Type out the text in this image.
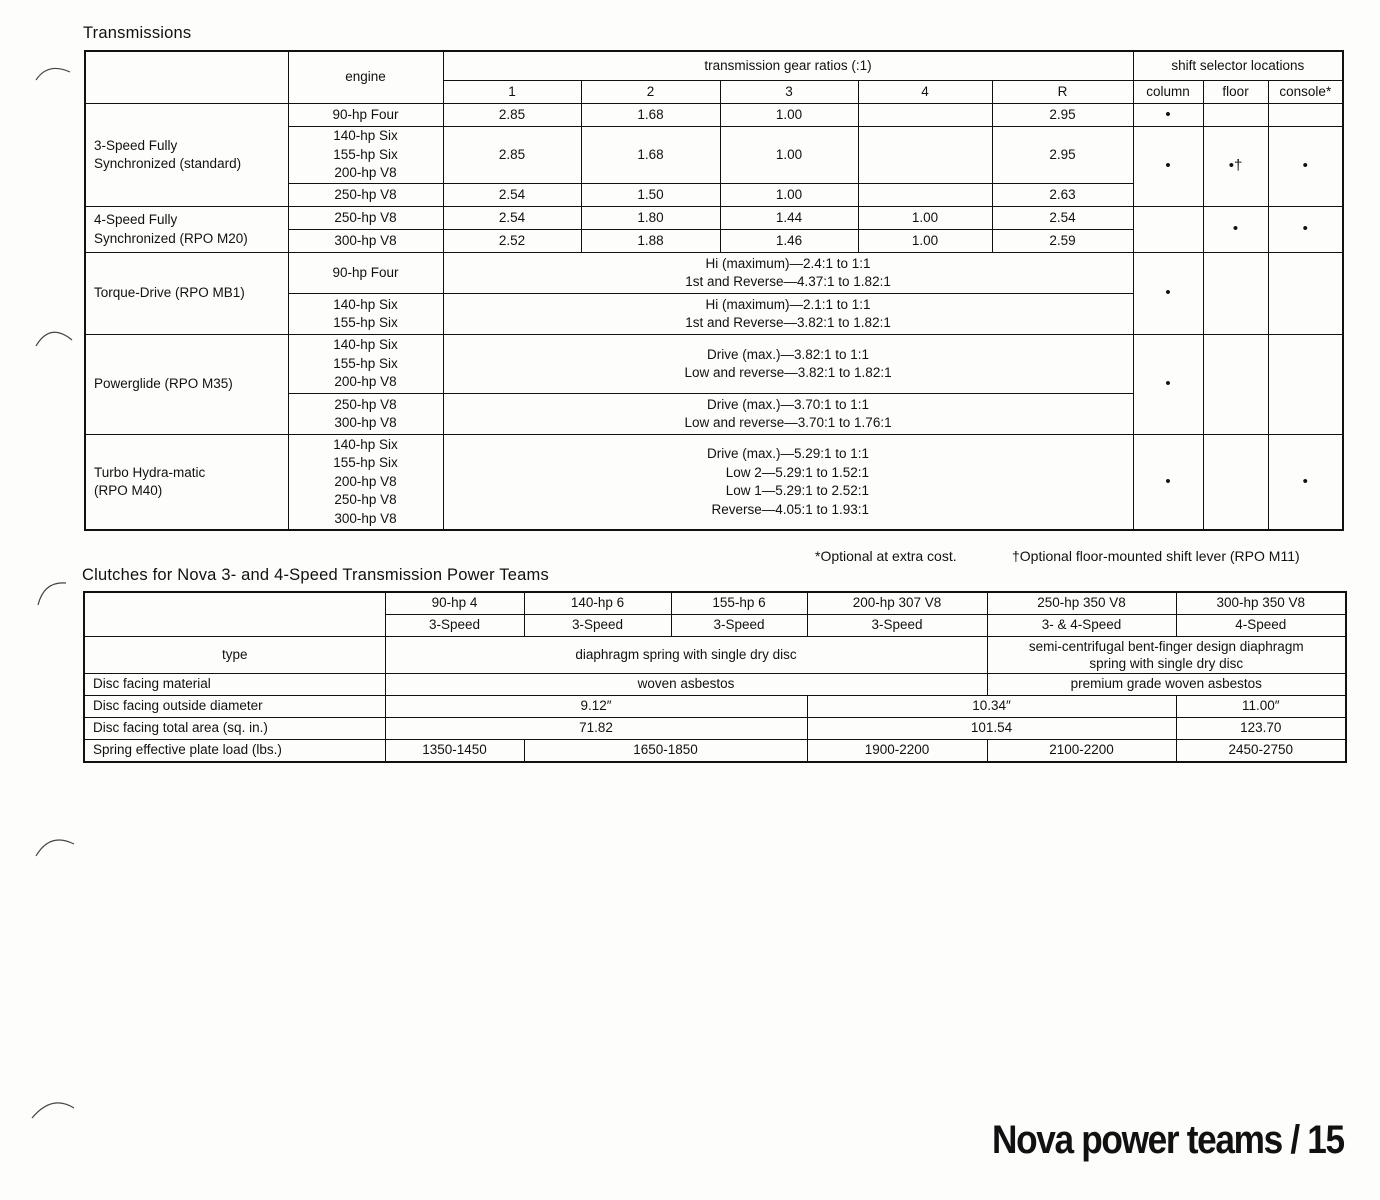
Transmissions
	engine	transmission gear ratios (:1)					shift selector locations		
		1	2	3	4	R	column	floor	console*

3-Speed Fully
Synchronized (standard)	90-hp Four	2.85	1.68	1.00		2.95	•		

	140-hp Six
155-hp Six
200-hp V8	2.85	1.68	1.00		2.95	•	•†	•
	250-hp V8	2.54	1.50	1.00		2.63			

4-Speed Fully
Synchronized (RPO M20)	250-hp V8	2.54	1.80	1.44	1.00	2.54		•	•
	300-hp V8	2.52	1.88	1.46	1.00	2.59			
Torque-Drive (RPO MB1)	90-hp Four	Hi (maximum)—2.4:1 to 1:1
1st and Reverse—4.37:1 to 1.82:1					•		

	140-hp Six
155-hp Six	Hi (maximum)—2.1:1 to 1:1
1st and Reverse—3.82:1 to 1.82:1							

Powerglide (RPO M35)	140-hp Six
155-hp Six
200-hp V8	Drive (max.)—3.82:1 to 1:1
Low and reverse—3.82:1 to 1.82:1					•		

	250-hp V8
300-hp V8	Drive (max.)—3.70:1 to 1:1
Low and reverse—3.70:1 to 1.76:1							

Turbo Hydra-matic
(RPO M40)	140-hp Six
155-hp Six
200-hp V8
250-hp V8
300-hp V8	Drive (max.)—5.29:1 to 1:1
Low 2—5.29:1 to 1.52:1
Low 1—5.29:1 to 2.52:1
Reverse—4.05:1 to 1.93:1					•		•
*Optional at extra cost.	†Optional floor-mounted shift lever (RPO M11)
Clutches for Nova 3- and 4-Speed Transmission Power Teams
	90-hp 4	140-hp 6	155-hp 6	200-hp 307 V8	250-hp 350 V8	300-hp 350 V8
	3-Speed	3-Speed	3-Speed	3-Speed	3- & 4-Speed	4-Speed
type	diaphragm spring with single dry disc				semi-centrifugal bent-finger design diaphragm
spring with single dry disc	

Disc facing material	woven asbestos				premium grade woven asbestos	
Disc facing outside diameter	9.12″			10.34″		11.00″
Disc facing total area (sq. in.)	71.82			101.54		123.70
Spring effective plate load (lbs.)	1350-1450	1650-1850		1900-2200	2100-2200	2450-2750
Nova power teams / 15
